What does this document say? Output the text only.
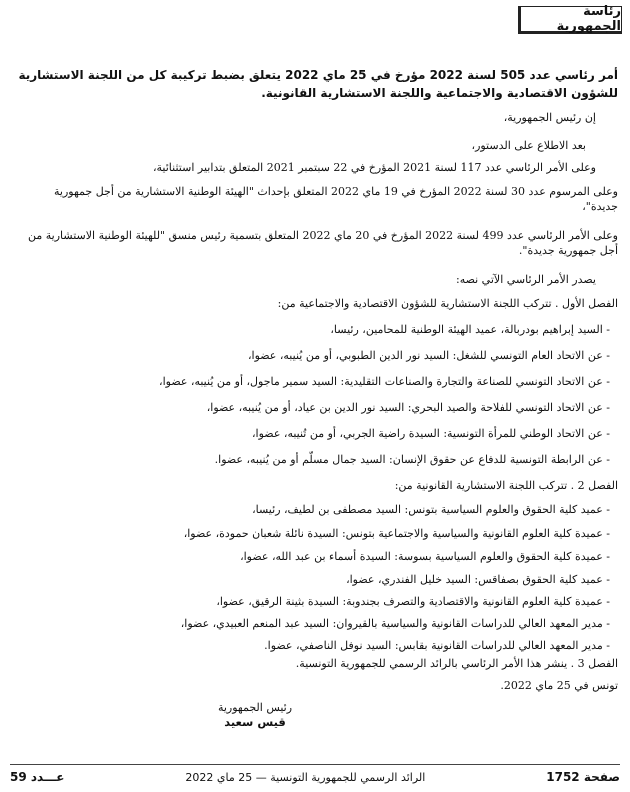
رئاسة الجمهورية

أمر رئاسي عدد 505 لسنة 2022 مؤرخ في 25 ماي 2022 يتعلق بضبط تركيبة كل من اللجنة الاستشارية للشؤون الاقتصادية والاجتماعية واللجنة الاستشارية القانونية.

إن رئيس الجمهورية،

بعد الاطلاع على الدستور،

وعلى الأمر الرئاسي عدد 117 لسنة 2021 المؤرخ في 22 سبتمبر 2021 المتعلق بتدابير استثنائية،

وعلى المرسوم عدد 30 لسنة 2022 المؤرخ في 19 ماي 2022 المتعلق بإحداث "الهيئة الوطنية الاستشارية من أجل جمهورية جديدة"،

وعلى الأمر الرئاسي عدد 499 لسنة 2022 المؤرخ في 20 ماي 2022 المتعلق بتسمية رئيس منسق "للهيئة الوطنية الاستشارية من أجل جمهورية جديدة".

يصدر الأمر الرئاسي الآتي نصه:

الفصل الأول . تتركب اللجنة الاستشارية للشؤون الاقتصادية والاجتماعية من:

- السيد إبراهيم بودربالة، عميد الهيئة الوطنية للمحامين، رئيسا،

- عن الاتحاد العام التونسي للشغل: السيد نور الدين الطبوبي، أو من يُنيبه، عضوا،

- عن الاتحاد التونسي للصناعة والتجارة والصناعات التقليدية: السيد سمير ماجول، أو من يُنيبه، عضوا،

- عن الاتحاد التونسي للفلاحة والصيد البحري: السيد نور الدين بن عياد، أو من يُنيبه، عضوا،

- عن الاتحاد الوطني للمرأة التونسية: السيدة راضية الجربي، أو من تُنيبه، عضوا،

- عن الرابطة التونسية للدفاع عن حقوق الإنسان: السيد جمال مسلّم أو من يُنيبه، عضوا.

الفصل 2 . تتركب اللجنة الاستشارية القانونية من:

- عميد كلية الحقوق والعلوم السياسية بتونس: السيد مصطفى بن لطيف، رئيسا،

- عميدة كلية العلوم القانونية والسياسية والاجتماعية بتونس: السيدة نائلة شعبان حمودة، عضوا،

- عميدة كلية الحقوق والعلوم السياسية بسوسة: السيدة أسماء بن عبد الله، عضوا،

- عميد كلية الحقوق بصفاقس: السيد خليل الفندري، عضوا،

- عميدة كلية العلوم القانونية والاقتصادية والتصرف بجندوبة: السيدة بثينة الرقيق، عضوا،

- مدير المعهد العالي للدراسات القانونية والسياسية بالقيروان: السيد عبد المنعم العبيدي، عضوا،

- مدير المعهد العالي للدراسات القانونية بقابس: السيد نوفل الناصفي، عضوا.

الفصل 3 . ينشر هذا الأمر الرئاسي بالرائد الرسمي للجمهورية التونسية.

تونس في 25 ماي 2022.

رئيس الجمهورية
قيس سعيد
صفحة 1752
الرائد الرسمي للجمهورية التونسية — 25 ماي 2022
عـــدد 59
